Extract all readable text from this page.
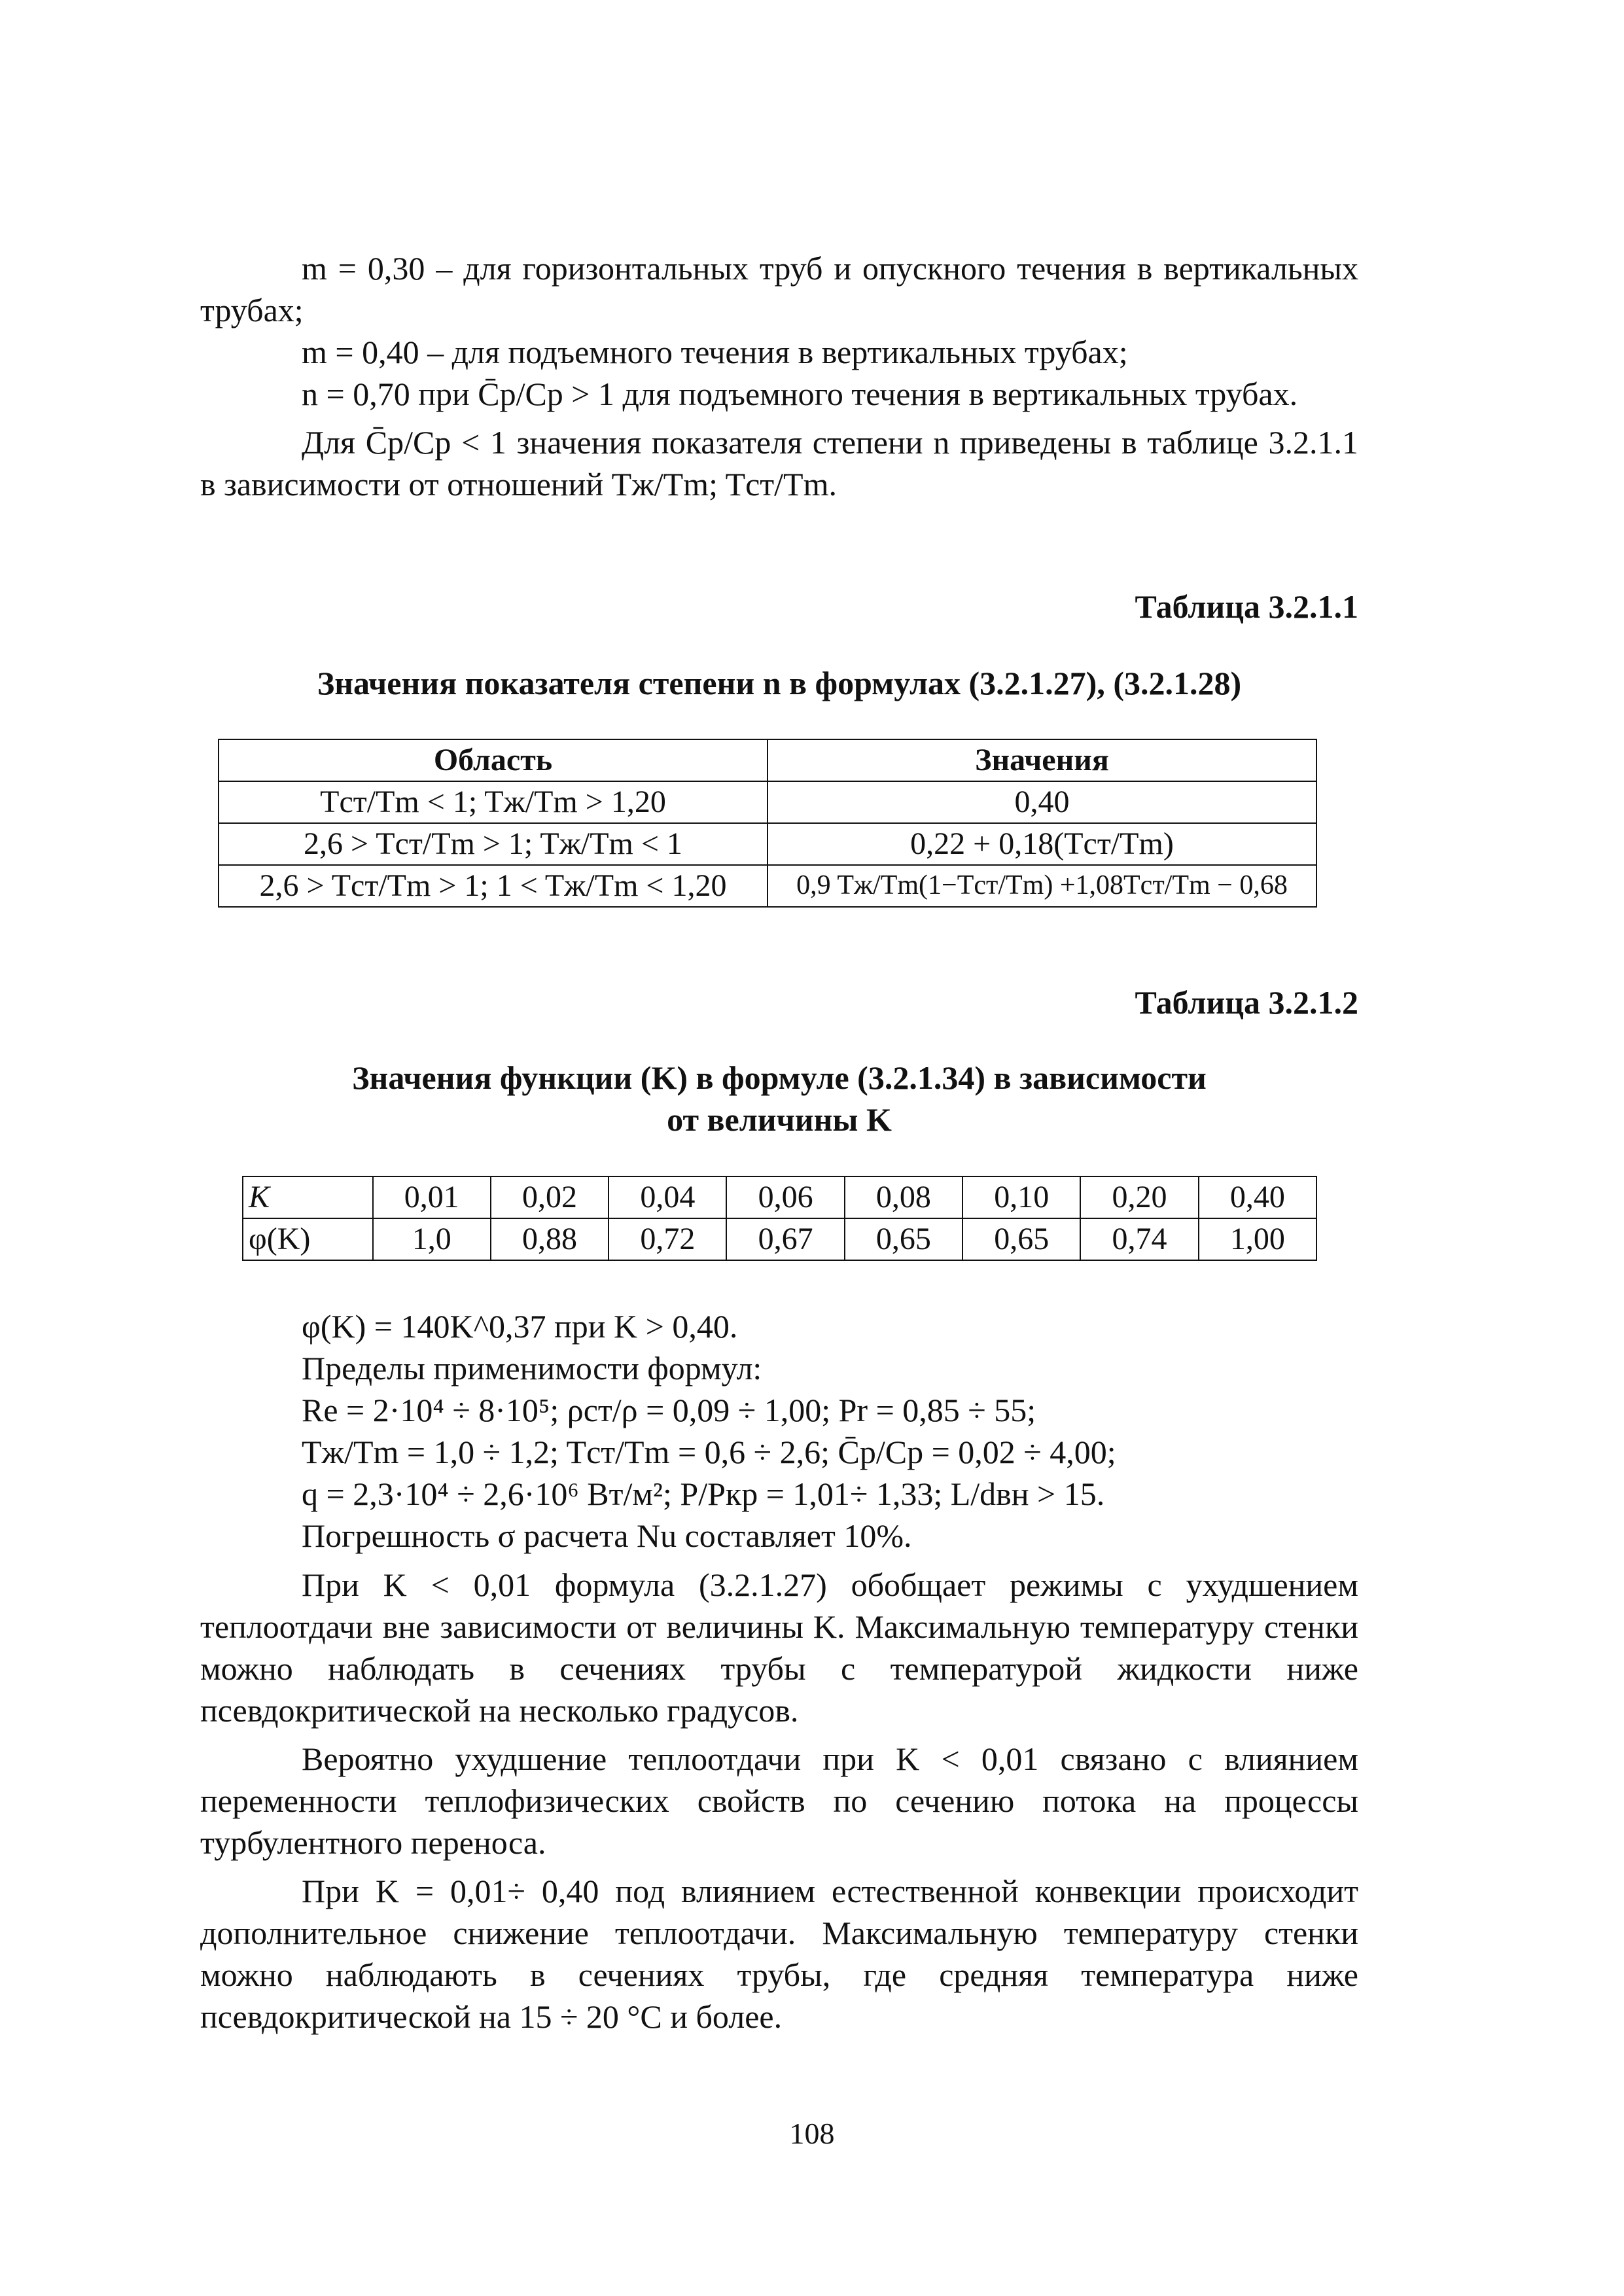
m = 0,30 – для горизонтальных труб и опускного течения в вертикальных трубах;

m = 0,40 – для подъемного течения в вертикальных трубах;

n = 0,70 при C̄p/Cp > 1 для подъемного течения в вертикальных трубах.

Для C̄p/Cp < 1 значения показателя степени n приведены в таблице 3.2.1.1 в зависимости от отношений Tж/Tm; Tст/Tm.

Таблица 3.2.1.1
Значения показателя степени n в формулах (3.2.1.27), (3.2.1.28)
Область	Значения
Tст/Tm < 1; Tж/Tm > 1,20	0,40
2,6 > Tст/Tm > 1; Tж/Tm < 1	0,22 + 0,18(Tст/Tm)
2,6 > Tст/Tm > 1; 1 < Tж/Tm < 1,20	0,9 Tж/Tm(1−Tст/Tm) +1,08Tст/Tm − 0,68
Таблица 3.2.1.2
Значения функции (K) в формуле (3.2.1.34) в зависимости
от величины K
K	0,01	0,02	0,04	0,06	0,08	0,10	0,20	0,40
φ(K)	1,0	0,88	0,72	0,67	0,65	0,65	0,74	1,00

φ(K) = 140K^0,37 при K > 0,40.

Пределы применимости формул:

Re = 2·10⁴ ÷ 8·10⁵; ρст/ρ = 0,09 ÷ 1,00; Pr = 0,85 ÷ 55;

Tж/Tm = 1,0 ÷ 1,2; Tст/Tm = 0,6 ÷ 2,6; C̄p/Cp = 0,02 ÷ 4,00;

q = 2,3·10⁴ ÷ 2,6·10⁶ Вт/м²; P/Pкр = 1,01÷ 1,33; L/dвн > 15.

Погрешность σ расчета Nu составляет 10%.

При K < 0,01 формула (3.2.1.27) обобщает режимы с ухудшением теплоотдачи вне зависимости от величины K. Максимальную температуру стенки можно наблюдать в сечениях трубы с температурой жидкости ниже псевдокритической на несколько градусов.

Вероятно ухудшение теплоотдачи при K < 0,01 связано с влиянием переменности теплофизических свойств по сечению потока на процессы турбулентного переноса.

При K = 0,01÷ 0,40 под влиянием естественной конвекции происходит дополнительное снижение теплоотдачи. Максимальную температуру стенки можно наблюдають в сечениях трубы, где средняя температура ниже псевдокритической на 15 ÷ 20 °С и более.

108
